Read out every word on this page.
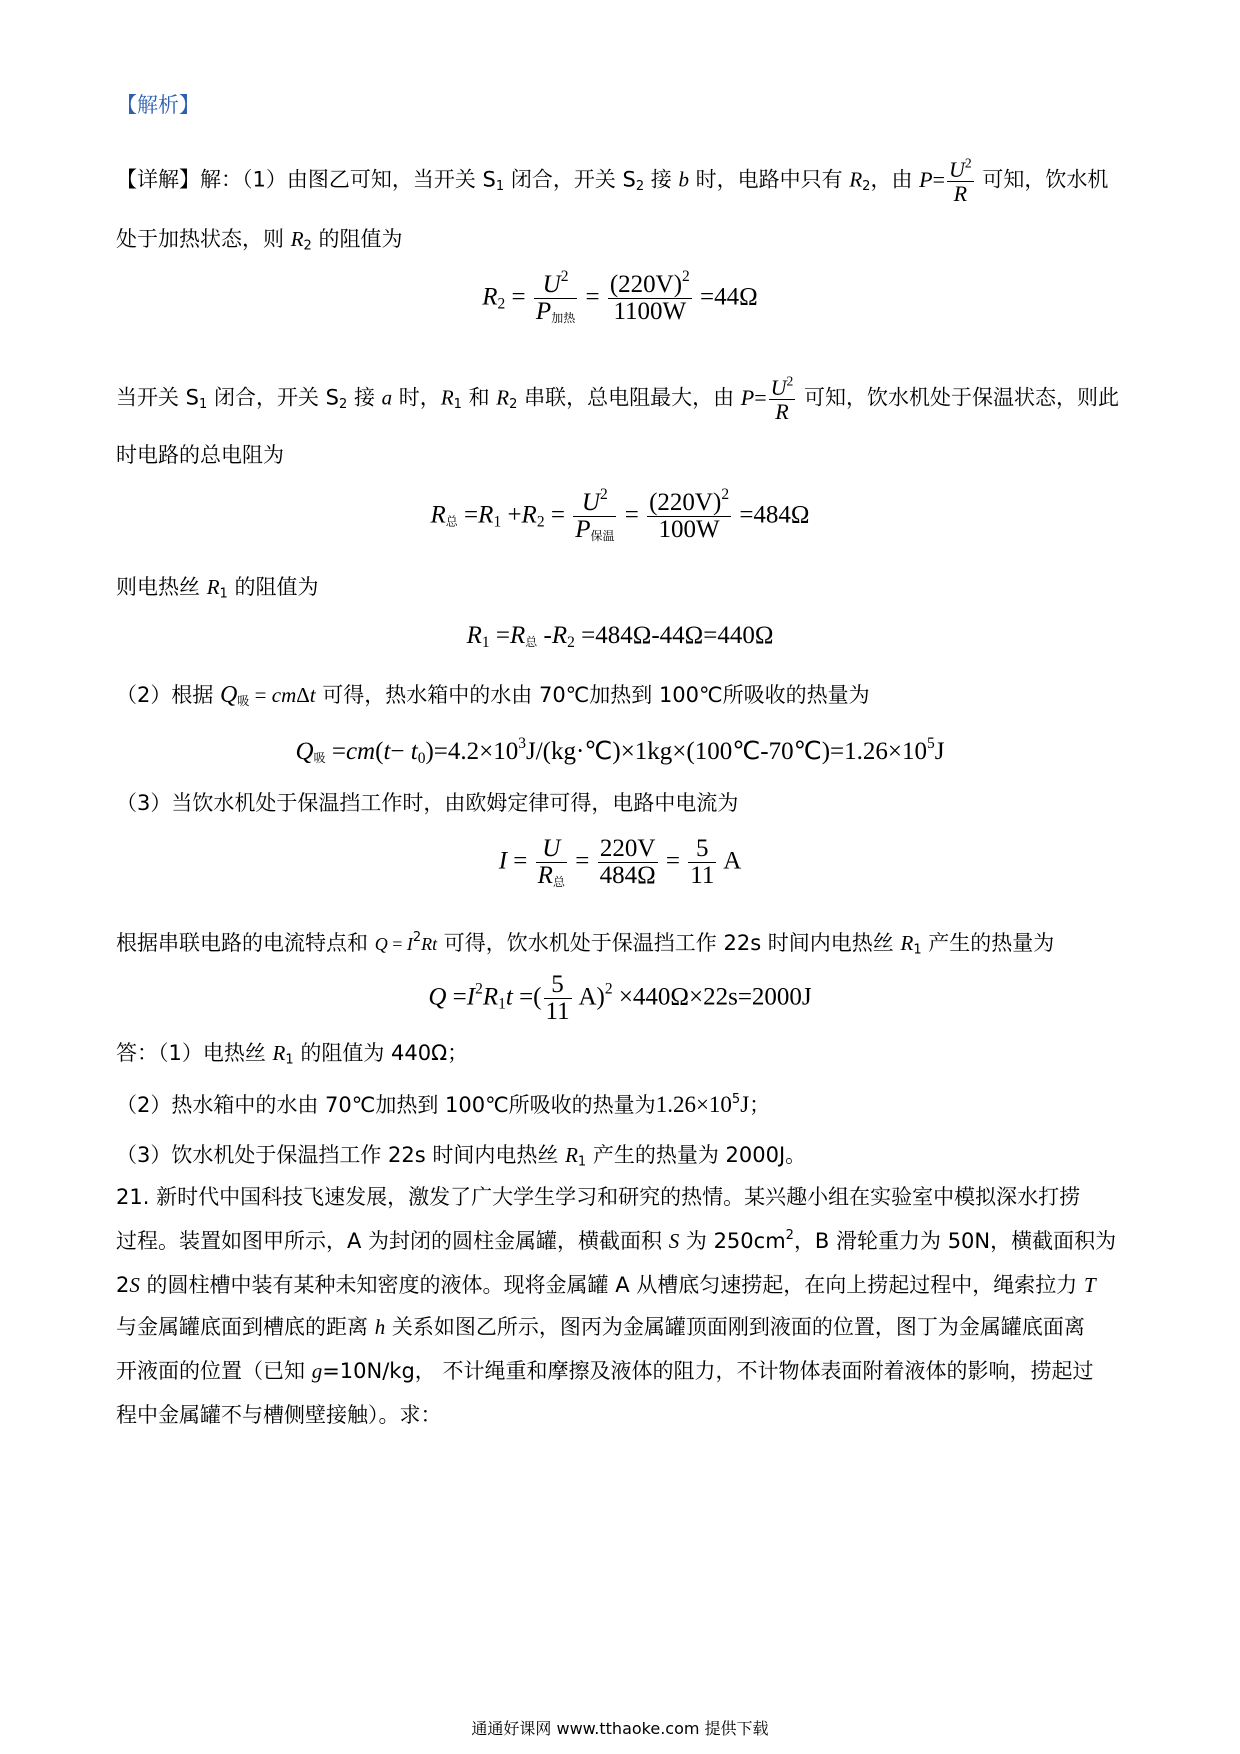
【解析】
【详解】解：（1）由图乙可知，当开关 $S_1$ 闭合，开关 $S_2$ 接 b 时，电路中只有 $R_2$，由 $P= \frac{U^2}{R}$ 可知，饮水机
处于加热状态，则 $R_2$ 的阻值为
$R_2 = \frac{U^2}{P_{加热}} = \frac{(220V)^2}{1100W} =44\Omega$
当开关 $S_1$ 闭合，开关 $S_2$ 接 a 时，$R_1$ 和 $R_2$ 串联，总电阻最大，由 $P= \frac{U^2}{R}$ 可知，饮水机处于保温状态，则此
时电路的总电阻为
$R_总 =R_1 +R_2 = \frac{U^2}{P_{保温}} = \frac{(220V)^2}{100W} =484\Omega$
则电热丝 $R_1$ 的阻值为
$R_1 =R_总$ $-R_2 =484\Omega-44\Omega=440\Omega$
（2）根据 $Q_吸 = cm\Delta t$ 可得，热水箱中的水由 70℃加热到 100℃所吸收的热量为
$Q_吸 =cm(t-$ $t_0)=4.2\times 10^3J/(kg\cdot℃)\times 1kg\times(100℃-70℃)=1.26\times 10^5J$
（3）当饮水机处于保温挡工作时，由欧姆定律可得，电路中电流为
$I = \frac{U}{R_总} = \frac{220V}{484\Omega} = \frac{5}{11}$ A
根据串联电路的电流特点和 $Q = I^2Rt$ 可得，饮水机处于保温挡工作 22s 时间内电热丝 $R_1$ 产生的热量为
$Q =I^2R_1t$ =( $\frac{5}{11} A)^2 \times 440\Omega\times 22s=2000J$
答：（1）电热丝 $R_1$ 的阻值为 440Ω；
（2）热水箱中的水由 70℃加热到 100℃所吸收的热量为$1.26\times 10^5J$；
（3）饮水机处于保温挡工作 22s 时间内电热丝 $R_1$ 产生的热量为 2000J。
21. 新时代中国科技飞速发展，激发了广大学生学习和研究的热情。某兴趣小组在实验室中模拟深水打捞
过程。装置如图甲所示，A 为封闭的圆柱金属罐，横截面积 S 为 $250cm^2$，B 滑轮重力为 50N，横截面积为
2S 的圆柱槽中装有某种未知密度的液体。现将金属罐 A 从槽底匀速捞起，在向上捞起过程中，绳索拉力 T
与金属罐底面到槽底的距离 h 关系如图乙所示，图丙为金属罐顶面刚到液面的位置，图丁为金属罐底面离
开液面的位置（已知 g=10N/kg， 不计绳重和摩擦及液体的阻力，不计物体表面附着液体的影响，捞起过
程中金属罐不与槽侧壁接触）。求：
通通好课网 www.tthaoke.com 提供下载
